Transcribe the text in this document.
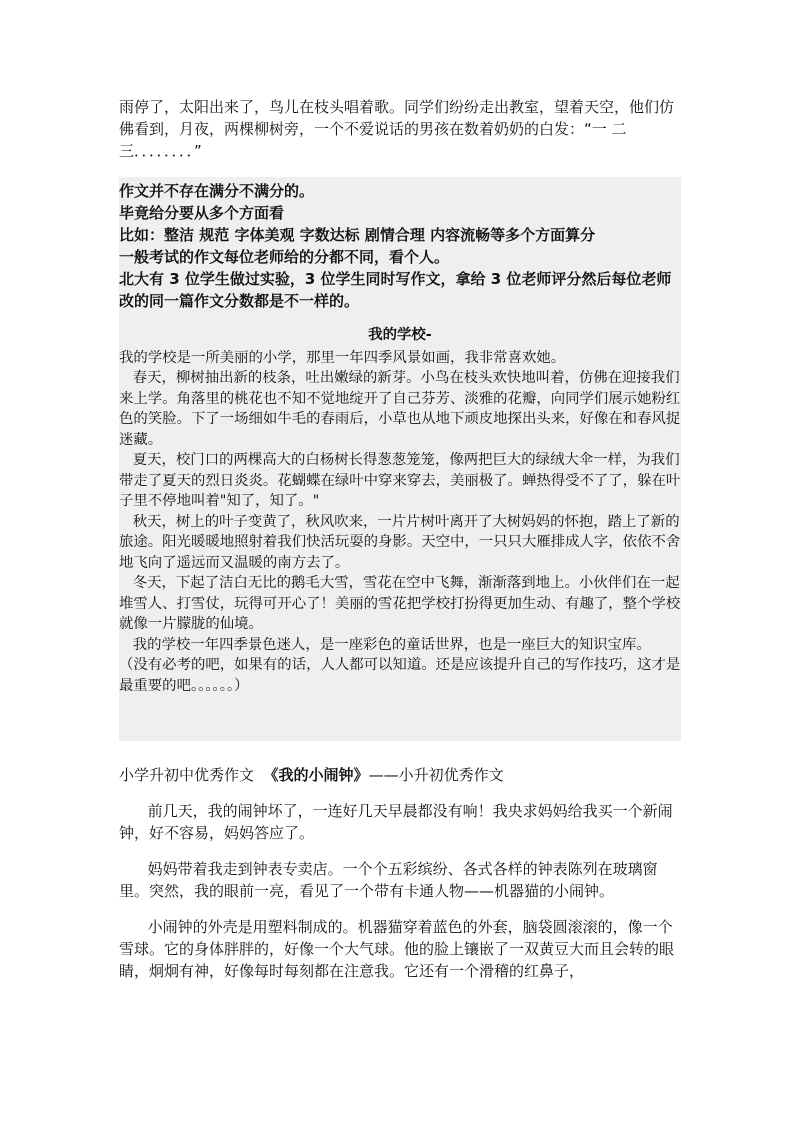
雨停了，太阳出来了，鸟儿在枝头唱着歌。同学们纷纷走出教室，望着天空，他们仿佛看到，月夜，两棵柳树旁，一个不爱说话的男孩在数着奶奶的白发：“一 二 三．．．．．．．．”

作文并不存在满分不满分的。

毕竟给分要从多个方面看

比如：整洁 规范 字体美观 字数达标 剧情合理 内容流畅等多个方面算分

一般考试的作文每位老师给的分都不同，看个人。

北大有 3 位学生做过实验，3 位学生同时写作文，拿给 3 位老师评分然后每位老师改的同一篇作文分数都是不一样的。

我的学校-

我的学校是一所美丽的小学，那里一年四季风景如画，我非常喜欢她。

春天，柳树抽出新的枝条，吐出嫩绿的新芽。小鸟在枝头欢快地叫着，仿佛在迎接我们来上学。角落里的桃花也不知不觉地绽开了自己芬芳、淡雅的花瓣，向同学们展示她粉红色的笑脸。下了一场细如牛毛的春雨后，小草也从地下顽皮地探出头来，好像在和春风捉迷藏。

夏天，校门口的两棵高大的白杨树长得葱葱笼笼，像两把巨大的绿绒大伞一样，为我们带走了夏天的烈日炎炎。花蝴蝶在绿叶中穿来穿去，美丽极了。蝉热得受不了了，躲在叶子里不停地叫着"知了，知了。"

秋天，树上的叶子变黄了，秋风吹来，一片片树叶离开了大树妈妈的怀抱，踏上了新的旅途。阳光暖暖地照射着我们快活玩耍的身影。天空中，一只只大雁排成人字，依依不舍地飞向了遥远而又温暖的南方去了。

冬天，下起了洁白无比的鹅毛大雪，雪花在空中飞舞，渐渐落到地上。小伙伴们在一起堆雪人、打雪仗，玩得可开心了！美丽的雪花把学校打扮得更加生动、有趣了，整个学校就像一片朦胧的仙境。

我的学校一年四季景色迷人，是一座彩色的童话世界，也是一座巨大的知识宝库。

（没有必考的吧，如果有的话，人人都可以知道。还是应该提升自己的写作技巧，这才是最重要的吧。。。。。。）

小学升初中优秀作文  《我的小闹钟》——小升初优秀作文

前几天，我的闹钟坏了，一连好几天早晨都没有响！我央求妈妈给我买一个新闹钟，好不容易，妈妈答应了。

妈妈带着我走到钟表专卖店。一个个五彩缤纷、各式各样的钟表陈列在玻璃窗里。突然，我的眼前一亮，看见了一个带有卡通人物——机器猫的小闹钟。

小闹钟的外壳是用塑料制成的。机器猫穿着蓝色的外套，脑袋圆滚滚的，像一个雪球。它的身体胖胖的，好像一个大气球。他的脸上镶嵌了一双黄豆大而且会转的眼睛，炯炯有神，好像每时每刻都在注意我。它还有一个滑稽的红鼻子，
